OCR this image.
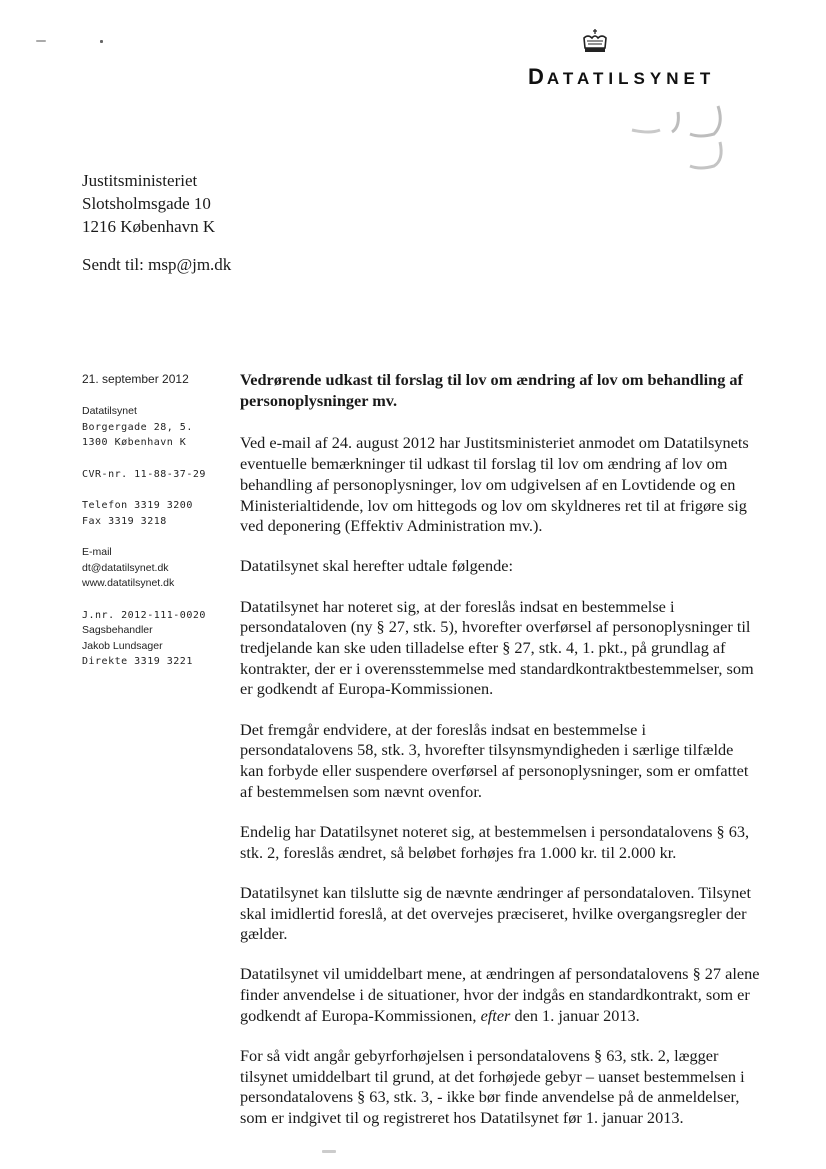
DATATILSYNET
Justitsministeriet
Slotsholmsgade 10
1216 København K
Sendt til: msp@jm.dk
21. september 2012
Datatilsynet
Borgergade 28, 5.
1300 København K
CVR-nr. 11-88-37-29
Telefon 3319 3200
Fax 3319 3218
E-mail
dt@datatilsynet.dk
www.datatilsynet.dk
J.nr. 2012-111-0020
Sagsbehandler
Jakob Lundsager
Direkte 3319 3221

Vedrørende udkast til forslag til lov om ændring af lov om behandling af personoplysninger mv.

Ved e-mail af 24. august 2012 har Justitsministeriet anmodet om Datatilsynets eventuelle bemærkninger til udkast til forslag til lov om ændring af lov om behandling af personoplysninger, lov om udgivelsen af en Lovtidende og en Ministerialtidende, lov om hittegods og lov om skyldneres ret til at frigøre sig ved deponering (Effektiv Administration mv.).

Datatilsynet skal herefter udtale følgende:

Datatilsynet har noteret sig, at der foreslås indsat en bestemmelse i persondataloven (ny § 27, stk. 5), hvorefter overførsel af personoplysninger til tredjelande kan ske uden tilladelse efter § 27, stk. 4, 1. pkt., på grundlag af kontrakter, der er i overensstemmelse med standardkontraktbestemmelser, som er godkendt af Europa-Kommissionen.

Det fremgår endvidere, at der foreslås indsat en bestemmelse i persondatalovens 58, stk. 3, hvorefter tilsynsmyndigheden i særlige tilfælde kan forbyde eller suspendere overførsel af personoplysninger, som er omfattet af bestemmelsen som nævnt ovenfor.

Endelig har Datatilsynet noteret sig, at bestemmelsen i persondatalovens § 63, stk. 2, foreslås ændret, så beløbet forhøjes fra 1.000 kr. til 2.000 kr.

Datatilsynet kan tilslutte sig de nævnte ændringer af persondataloven. Tilsynet skal imidlertid foreslå, at det overvejes præciseret, hvilke overgangsregler der gælder.

Datatilsynet vil umiddelbart mene, at ændringen af persondatalovens § 27 alene finder anvendelse i de situationer, hvor der indgås en standardkontrakt, som er godkendt af Europa-Kommissionen, efter den 1. januar 2013.

For så vidt angår gebyrforhøjelsen i persondatalovens § 63, stk. 2, lægger tilsynet umiddelbart til grund, at det forhøjede gebyr – uanset bestemmelsen i persondatalovens § 63, stk. 3, - ikke bør finde anvendelse på de anmeldelser, som er indgivet til og registreret hos Datatilsynet før 1. januar 2013.
